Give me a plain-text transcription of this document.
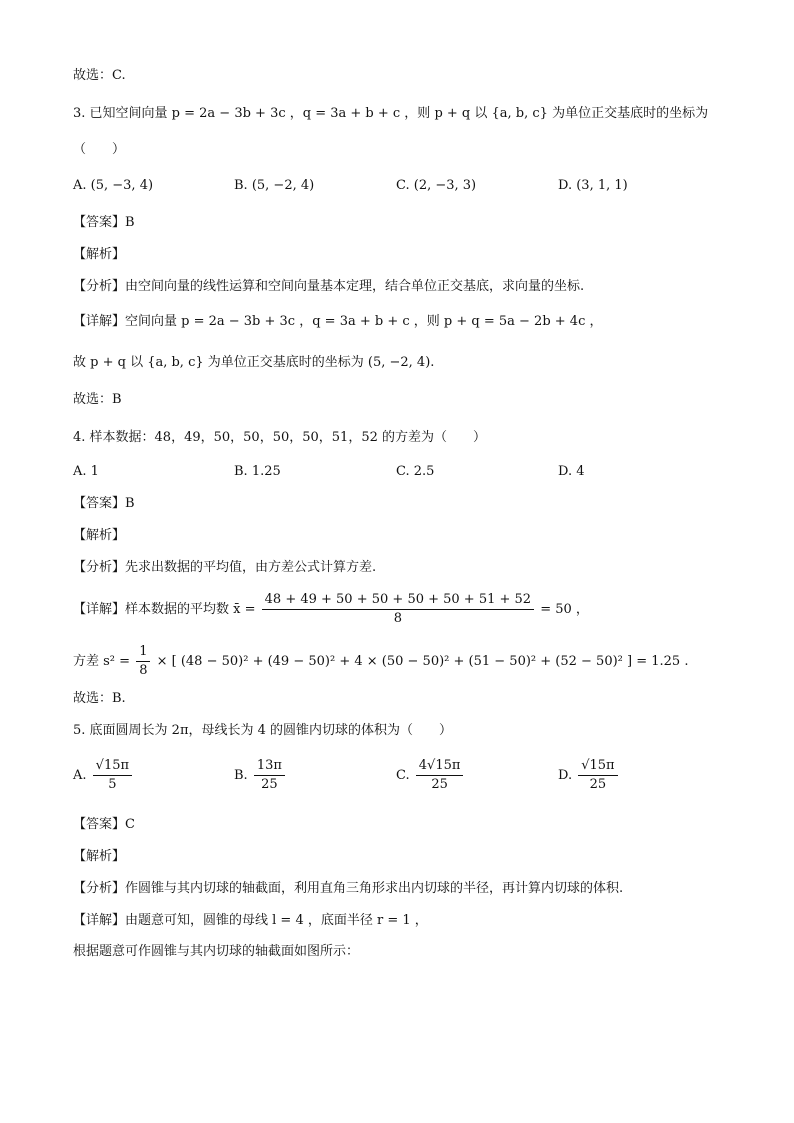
故选：C.
3. 已知空间向量 p = 2a − 3b + 3c ，q = 3a + b + c ，则 p + q 以 {a, b, c} 为单位正交基底时的坐标为
（　　）
A. (5, −3, 4)	B. (5, −2, 4)	C. (2, −3, 3)	D. (3, 1, 1)
【答案】B
【解析】
【分析】由空间向量的线性运算和空间向量基本定理，结合单位正交基底，求向量的坐标.
【详解】空间向量 p = 2a − 3b + 3c ，q = 3a + b + c ，则 p + q = 5a − 2b + 4c ，
故 p + q 以 {a, b, c} 为单位正交基底时的坐标为 (5, −2, 4).
故选：B
4. 样本数据：48，49，50，50，50，50，51，52 的方差为（　　）
A. 1	B. 1.25	C. 2.5	D. 4
【答案】B
【解析】
【分析】先求出数据的平均值，由方差公式计算方差.
【详解】样本数据的平均数 x̄ = $\frac{48 + 49 + 50 + 50 + 50 + 50 + 51 + 52}{8} = 50$ ，
方差 $s^2 = \frac{1}{8}$ × [ (48 − 50)² + (49 − 50)² + 4 × (50 − 50)² + (51 − 50)² + (52 − 50)² ] = 1.25 .
故选：B.
5. 底面圆周长为 2π，母线长为 4 的圆锥内切球的体积为（　　）
A. $\frac{√15\pi}{5}$	B. $\frac{13\pi}{25}$	C. $\frac{4√15\pi}{25}$	D. $\frac{√15\pi}{25}$
【答案】C
【解析】
【分析】作圆锥与其内切球的轴截面，利用直角三角形求出内切球的半径，再计算内切球的体积.
【详解】由题意可知，圆锥的母线 l = 4 ，底面半径 r = 1 ，
根据题意可作圆锥与其内切球的轴截面如图所示：
